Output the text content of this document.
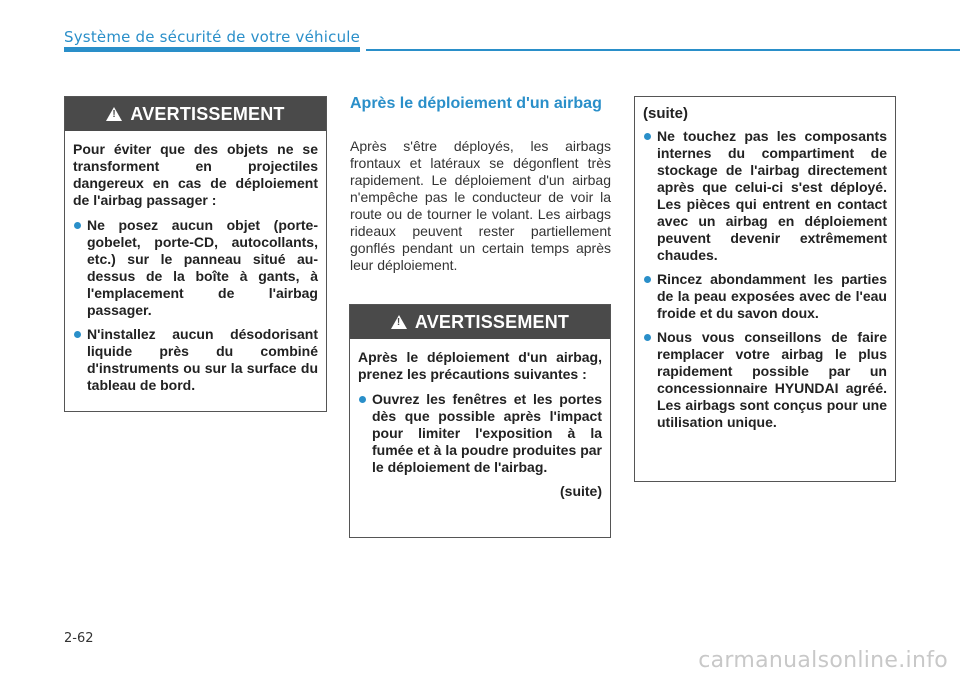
Système de sécurité de votre véhicule
!
AVERTISSEMENT
Pour éviter que des objets ne se transforment en projectiles dangereux en cas de déploiement de l'airbag passager :
Ne posez aucun objet (porte-gobelet, porte-CD, autocollants, etc.) sur le panneau situé au-dessus de la boîte à gants, à l'emplacement de l'airbag passager.
N'installez aucun désodorisant liquide près du combiné d'instruments ou sur la surface du tableau de bord.
Après le déploiement d'un airbag
Après s'être déployés, les airbags frontaux et latéraux se dégonflent très rapidement. Le déploiement d'un airbag n'empêche pas le conducteur de voir la route ou de tourner le volant. Les airbags rideaux peuvent rester partiellement gonflés pendant un certain temps après leur déploiement.
!
AVERTISSEMENT
Après le déploiement d'un airbag, prenez les précautions suivantes :
Ouvrez les fenêtres et les portes dès que possible après l'impact pour limiter l'exposition à la fumée et à la poudre produites par le déploiement de l'airbag.
(suite)
(suite)
Ne touchez pas les composants internes du compartiment de stockage de l'airbag directement après que celui-ci s'est déployé. Les pièces qui entrent en contact avec un airbag en déploiement peuvent devenir extrêmement chaudes.
Rincez abondamment les parties de la peau exposées avec de l'eau froide et du savon doux.
Nous vous conseillons de faire remplacer votre airbag le plus rapidement possible par un concessionnaire HYUNDAI agréé. Les airbags sont conçus pour une utilisation unique.
2-62
carmanualsonline.info
